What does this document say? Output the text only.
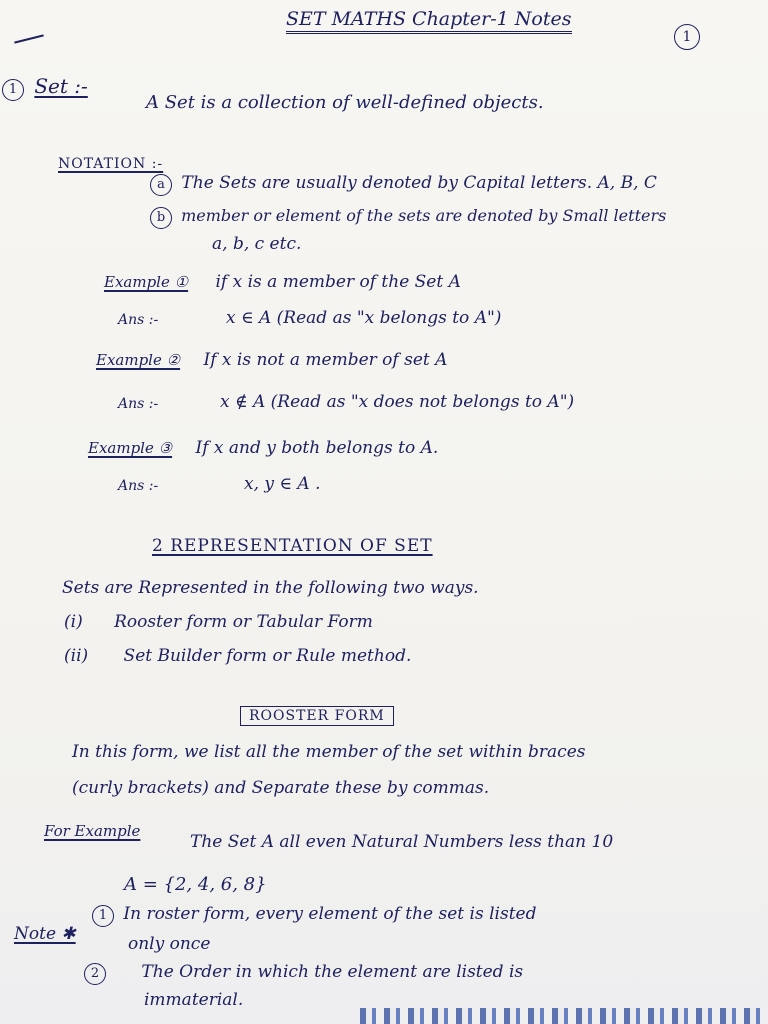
SET MATHS Chapter-1 Notes
1
1 Set :-
A Set is a collection of well-defined objects.
NOTATION :-
a The Sets are usually denoted by Capital letters. A, B, C
b member or element of the sets are denoted by Small letters
a, b, c etc.
Example ① if x is a member of the Set A
Ans :-	x ∈ A (Read as "x belongs to A")
Example ② If x is not a member of set A
Ans :-	x ∉ A (Read as "x does not belongs to A")
Example ③ If x and y both belongs to A.
Ans :-	x, y ∈ A .
2 REPRESENTATION OF SET
Sets are Represented in the following two ways.
(i) Rooster form or Tabular Form
(ii) Set Builder form or Rule method.
ROOSTER FORM
In this form, we list all the member of the set within braces
(curly brackets) and Separate these by commas.
For Example
The Set A all even Natural Numbers less than 10
A = {2, 4, 6, 8}
Note ✱
1 In roster form, every element of the set is listed
only once
2 The Order in which the element are listed is
immaterial.
